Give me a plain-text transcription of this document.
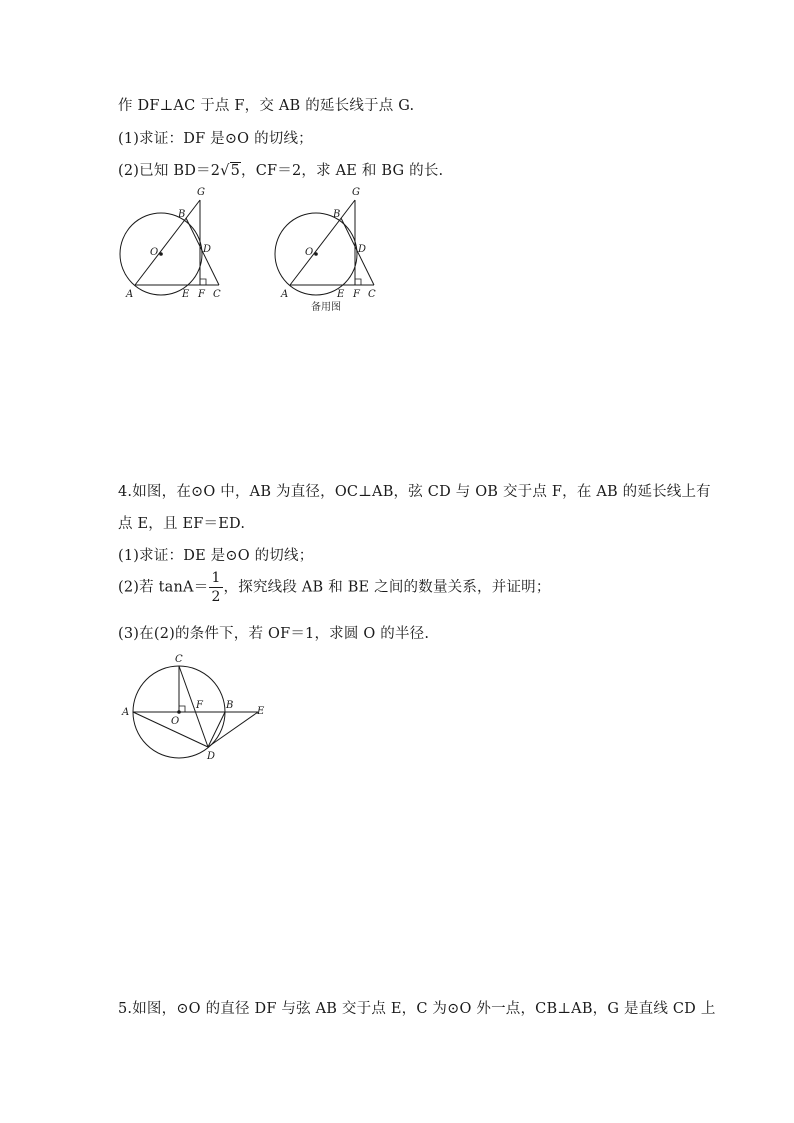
作 DF⊥AC 于点 F，交 AB 的延长线于点 G.
(1)求证：DF 是⊙O 的切线；
(2)已知 BD＝2√5，CF＝2，求 AE 和 BG 的长.
G
B
O	D
A	E F C
G
B
O	D
A	E F C
备用图
4.如图，在⊙O 中，AB 为直径，OC⊥AB，弦 CD 与 OB 交于点 F，在 AB 的延长线上有
点 E，且 EF＝ED.
(1)求证：DE 是⊙O 的切线；
(2)若 $\tan A= \frac{1}{2}$ ，探究线段 AB 和 BE 之间的数量关系，并证明；
(3)在(2)的条件下，若 OF＝1，求圆 O 的半径.
C
A
O
F B
E
D
5.如图，⊙O 的直径 DF 与弦 AB 交于点 E，C 为⊙O 外一点，CB⊥AB，G 是直线 CD 上
